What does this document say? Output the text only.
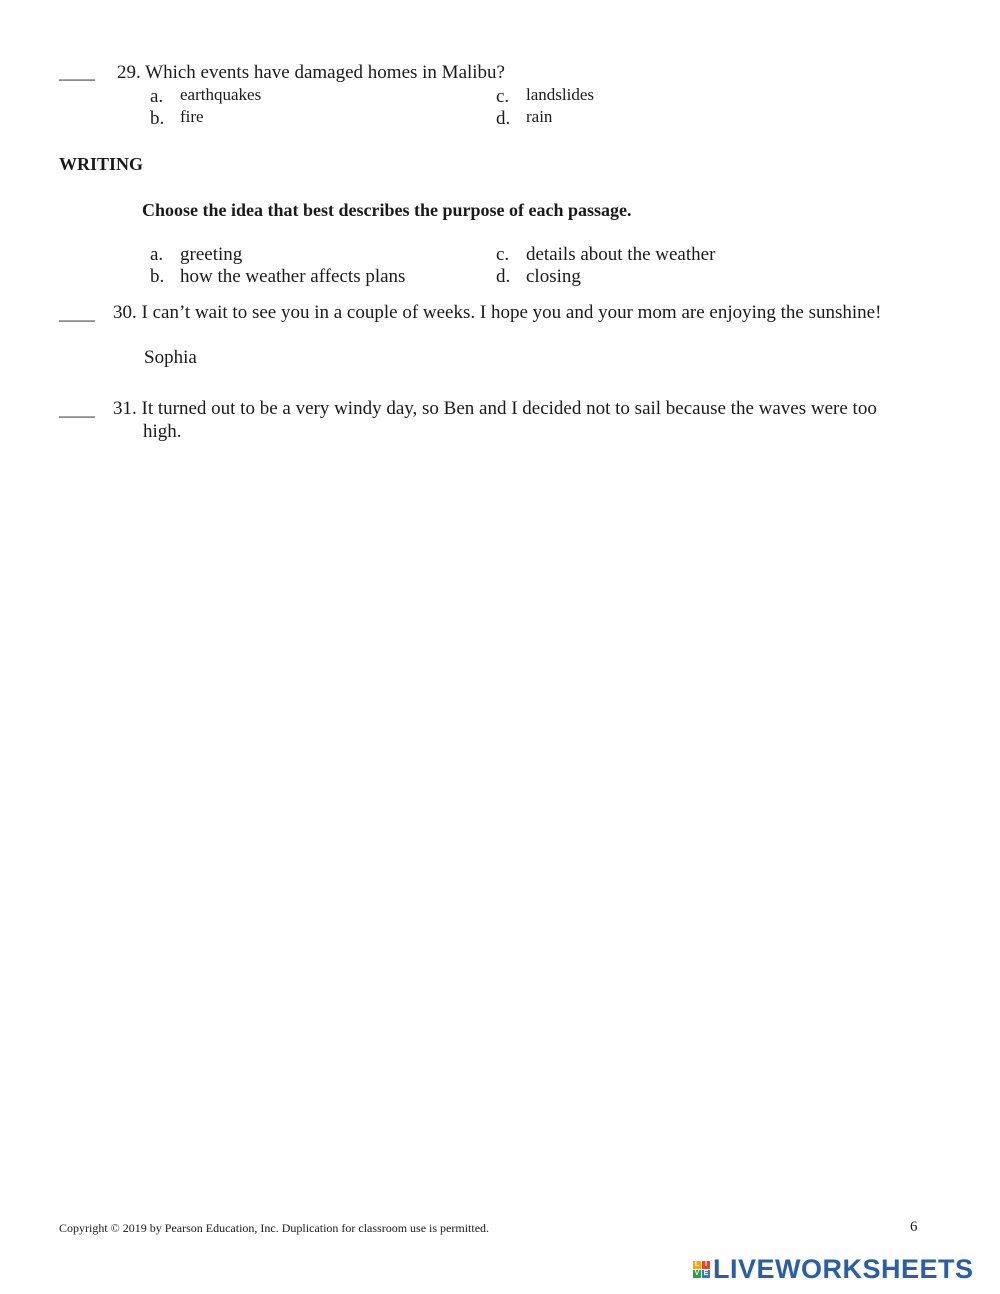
____ 29. Which events have damaged homes in Malibu?
a. earthquakes
b. fire
c. landslides
d. rain
WRITING
Choose the idea that best describes the purpose of each passage.
a. greeting
b. how the weather affects plans
c. details about the weather
d. closing
____ 30. I can’t wait to see you in a couple of weeks. I hope you and your mom are enjoying the sunshine!
Sophia
____ 31. It turned out to be a very windy day, so Ben and I decided not to sail because the waves were too
high.
Copyright © 2019 by Pearson Education, Inc. Duplication for classroom use is permitted.	6
L I
V E LIVEWORKSHEETS
